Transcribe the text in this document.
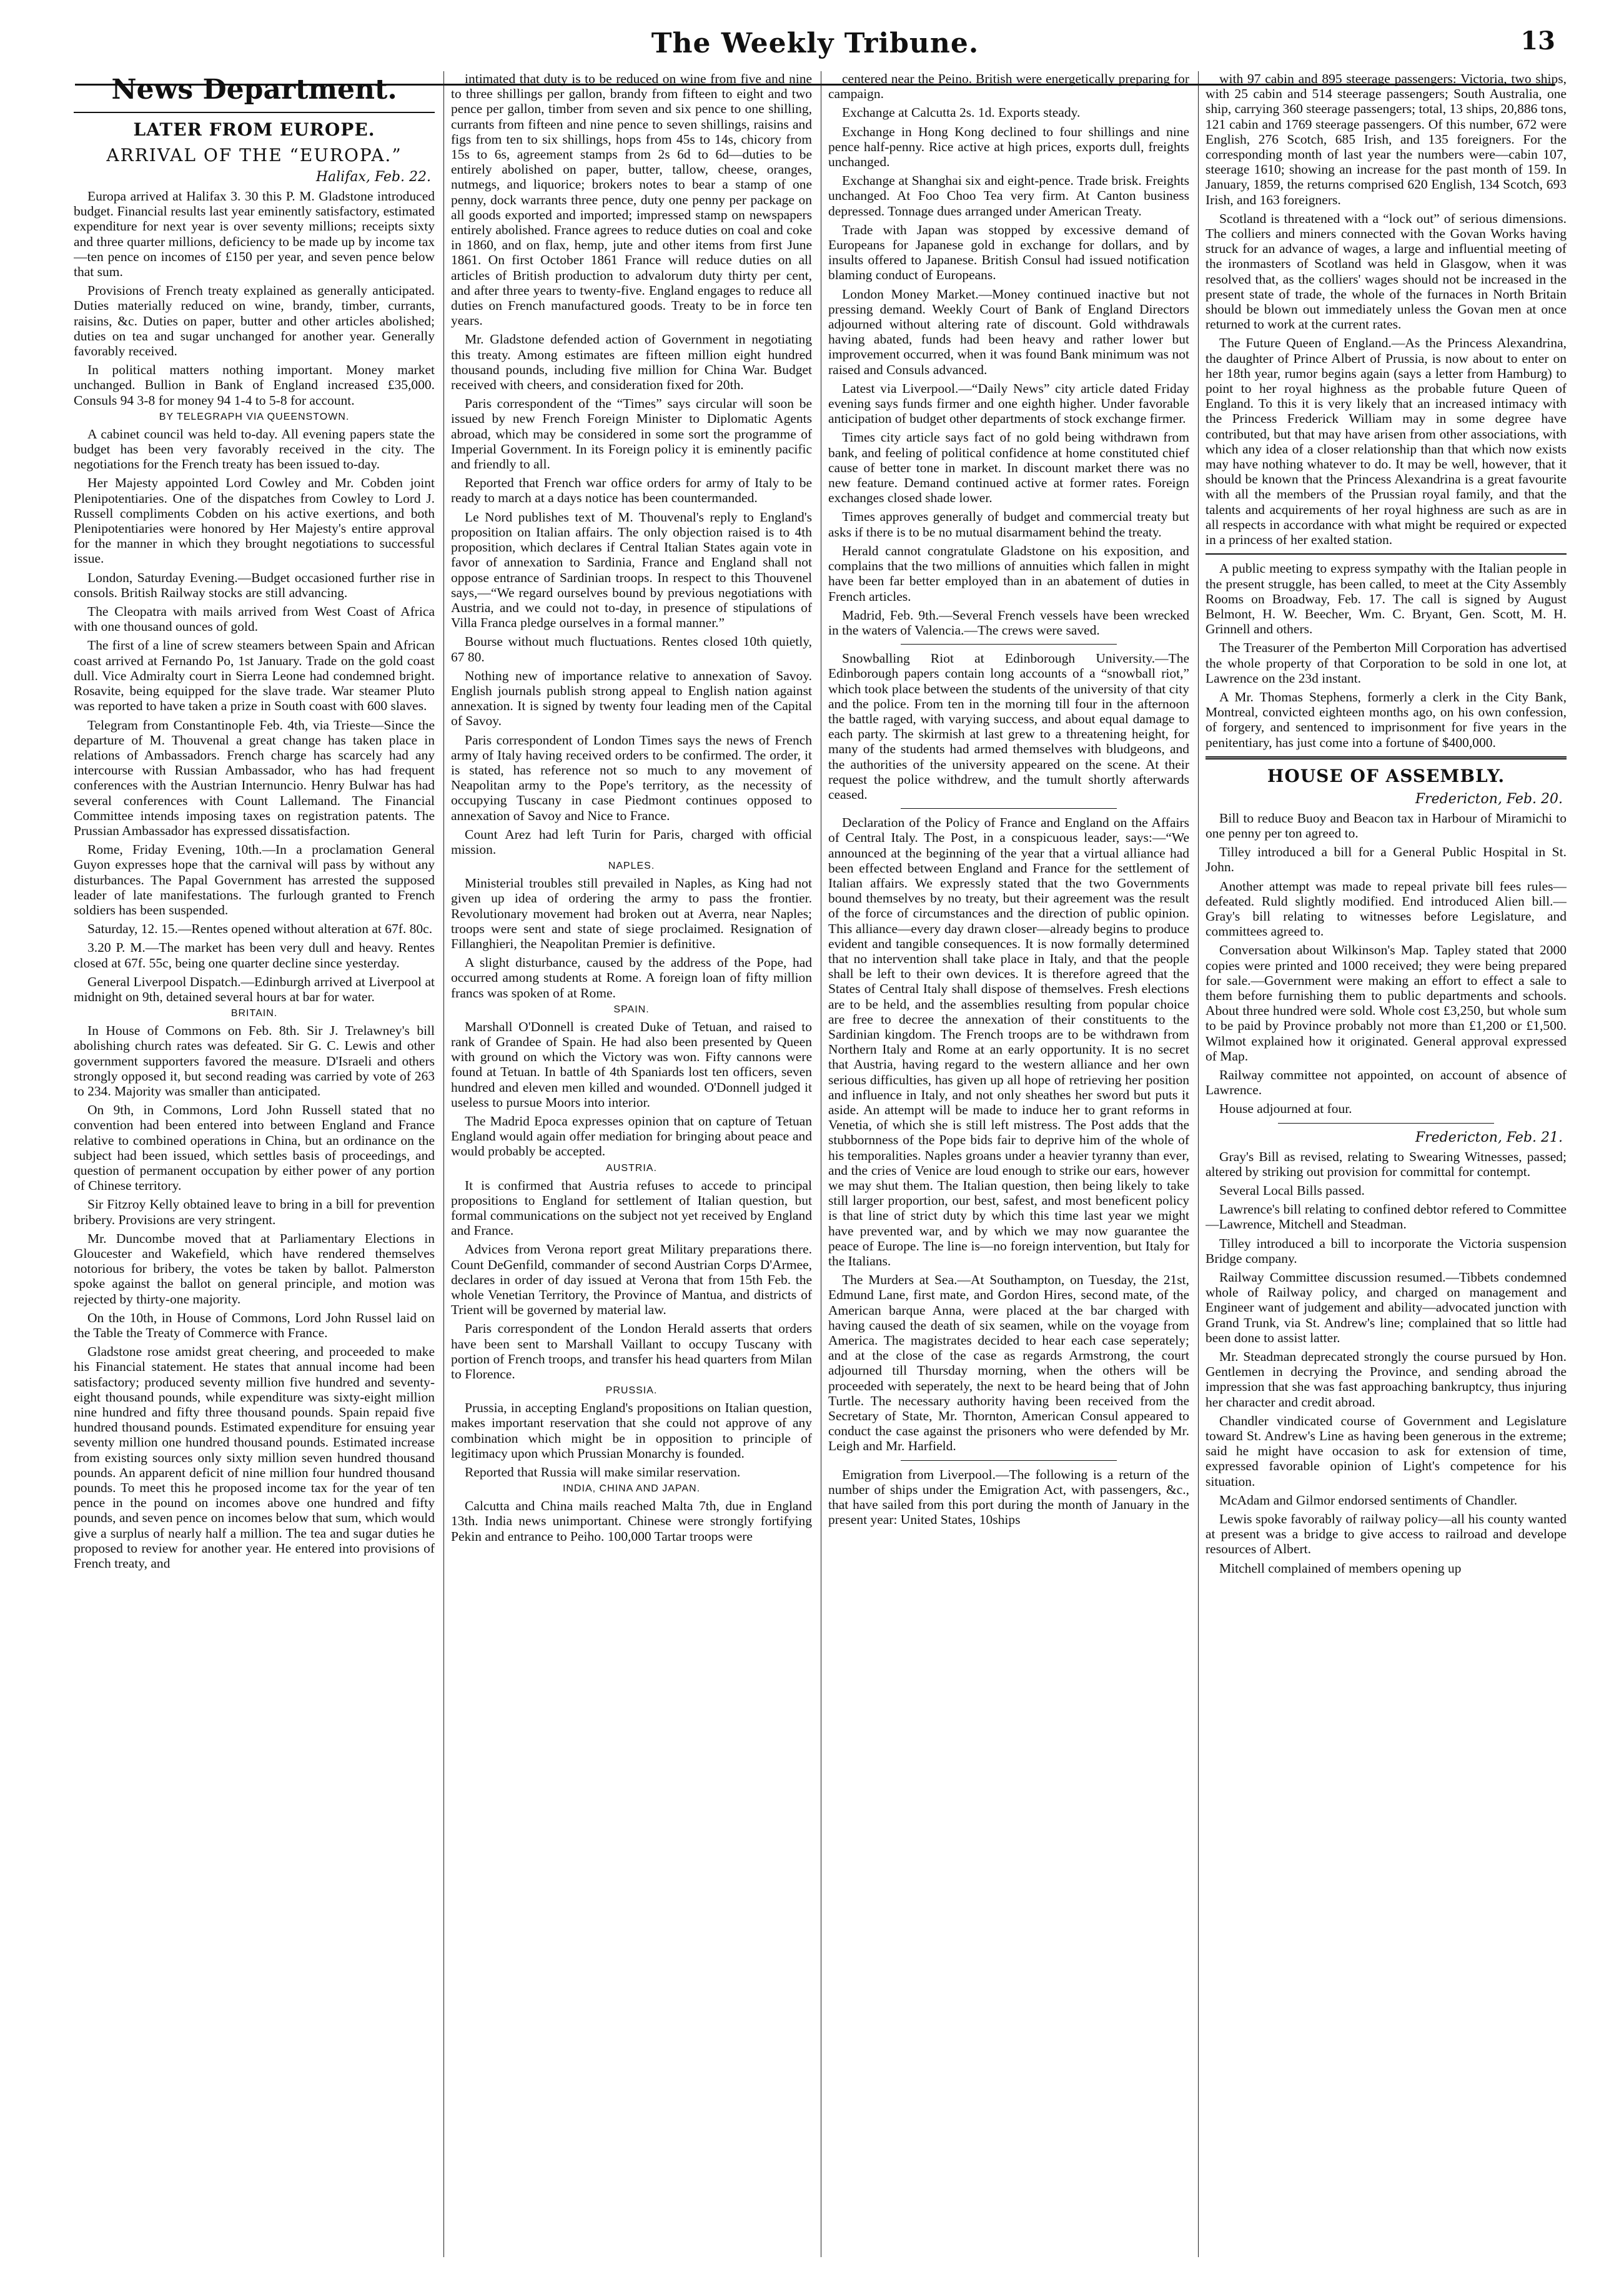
The Weekly Tribune.	13
News Department.
LATER FROM EUROPE.
ARRIVAL OF THE “EUROPA.”
Halifax, Feb. 22.

Europa arrived at Halifax 3. 30 this P. M. Gladstone introduced budget. Financial results last year eminently satisfactory, estimated expenditure for next year is over seventy millions; receipts sixty and three quarter millions, deficiency to be made up by income tax—ten pence on incomes of £150 per year, and seven pence below that sum.

Provisions of French treaty explained as generally anticipated. Duties materially reduced on wine, brandy, timber, currants, raisins, &c. Duties on paper, butter and other articles abolished; duties on tea and sugar unchanged for another year. Generally favorably received.

In political matters nothing important. Money market unchanged. Bullion in Bank of England increased £35,000. Consuls 94 3-8 for money 94 1-4 to 5-8 for account.

BY TELEGRAPH VIA QUEENSTOWN.

A cabinet council was held to-day. All evening papers state the budget has been very favorably received in the city. The negotiations for the French treaty has been issued to-day.

Her Majesty appointed Lord Cowley and Mr. Cobden joint Plenipotentiaries. One of the dispatches from Cowley to Lord J. Russell compliments Cobden on his active exertions, and both Plenipotentiaries were honored by Her Majesty's entire approval for the manner in which they brought negotiations to successful issue.

London, Saturday Evening.—Budget occasioned further rise in consols. British Railway stocks are still advancing.

The Cleopatra with mails arrived from West Coast of Africa with one thousand ounces of gold.

The first of a line of screw steamers between Spain and African coast arrived at Fernando Po, 1st January. Trade on the gold coast dull. Vice Admiralty court in Sierra Leone had condemned bright. Rosavite, being equipped for the slave trade. War steamer Pluto was reported to have taken a prize in South coast with 600 slaves.

Telegram from Constantinople Feb. 4th, via Trieste—Since the departure of M. Thouvenal a great change has taken place in relations of Ambassadors. French charge has scarcely had any intercourse with Russian Ambassador, who has had frequent conferences with the Austrian Internuncio. Henry Bulwar has had several conferences with Count Lallemand. The Financial Committee intends imposing taxes on registration patents. The Prussian Ambassador has expressed dissatisfaction.

Rome, Friday Evening, 10th.—In a proclamation General Guyon expresses hope that the carnival will pass by without any disturbances. The Papal Government has arrested the supposed leader of late manifestations. The furlough granted to French soldiers has been suspended.

Saturday, 12. 15.—Rentes opened without alteration at 67f. 80c.

3.20 P. M.—The market has been very dull and heavy. Rentes closed at 67f. 55c, being one quarter decline since yesterday.

General Liverpool Dispatch.—Edinburgh arrived at Liverpool at midnight on 9th, detained several hours at bar for water.

BRITAIN.

In House of Commons on Feb. 8th. Sir J. Trelawney's bill abolishing church rates was defeated. Sir G. C. Lewis and other government supporters favored the measure. D'Israeli and others strongly opposed it, but second reading was carried by vote of 263 to 234. Majority was smaller than anticipated.

On 9th, in Commons, Lord John Russell stated that no convention had been entered into between England and France relative to combined operations in China, but an ordinance on the subject had been issued, which settles basis of proceedings, and question of permanent occupation by either power of any portion of Chinese territory.

Sir Fitzroy Kelly obtained leave to bring in a bill for prevention bribery. Provisions are very stringent.

Mr. Duncombe moved that at Parliamentary Elections in Gloucester and Wakefield, which have rendered themselves notorious for bribery, the votes be taken by ballot. Palmerston spoke against the ballot on general principle, and motion was rejected by thirty-one majority.

On the 10th, in House of Commons, Lord John Russel laid on the Table the Treaty of Commerce with France.

Gladstone rose amidst great cheering, and proceeded to make his Financial statement. He states that annual income had been satisfactory; produced seventy million five hundred and seventy-eight thousand pounds, while expenditure was sixty-eight million nine hundred and fifty three thousand pounds. Spain repaid five hundred thousand pounds. Estimated expenditure for ensuing year seventy million one hundred thousand pounds. Estimated increase from existing sources only sixty million seven hundred thousand pounds. An apparent deficit of nine million four hundred thousand pounds. To meet this he proposed income tax for the year of ten pence in the pound on incomes above one hundred and fifty pounds, and seven pence on incomes below that sum, which would give a surplus of nearly half a million. The tea and sugar duties he proposed to review for another year. He entered into provisions of French treaty, and

intimated that duty is to be reduced on wine from five and nine to three shillings per gallon, brandy from fifteen to eight and two pence per gallon, timber from seven and six pence to one shilling, currants from fifteen and nine pence to seven shillings, raisins and figs from ten to six shillings, hops from 45s to 14s, chicory from 15s to 6s, agreement stamps from 2s 6d to 6d—duties to be entirely abolished on paper, butter, tallow, cheese, oranges, nutmegs, and liquorice; brokers notes to bear a stamp of one penny, dock warrants three pence, duty one penny per package on all goods exported and imported; impressed stamp on newspapers entirely abolished. France agrees to reduce duties on coal and coke in 1860, and on flax, hemp, jute and other items from first June 1861. On first October 1861 France will reduce duties on all articles of British production to advalorum duty thirty per cent, and after three years to twenty-five. England engages to reduce all duties on French manufactured goods. Treaty to be in force ten years.

Mr. Gladstone defended action of Government in negotiating this treaty. Among estimates are fifteen million eight hundred thousand pounds, including five million for China War. Budget received with cheers, and consideration fixed for 20th.

Paris correspondent of the “Times” says circular will soon be issued by new French Foreign Minister to Diplomatic Agents abroad, which may be considered in some sort the programme of Imperial Government. In its Foreign policy it is eminently pacific and friendly to all.

Reported that French war office orders for army of Italy to be ready to march at a days notice has been countermanded.

Le Nord publishes text of M. Thouvenal's reply to England's proposition on Italian affairs. The only objection raised is to 4th proposition, which declares if Central Italian States again vote in favor of annexation to Sardinia, France and England shall not oppose entrance of Sardinian troops. In respect to this Thouvenel says,—“We regard ourselves bound by previous negotiations with Austria, and we could not to-day, in presence of stipulations of Villa Franca pledge ourselves in a formal manner.”

Bourse without much fluctuations. Rentes closed 10th quietly, 67 80.

Nothing new of importance relative to annexation of Savoy. English journals publish strong appeal to English nation against annexation. It is signed by twenty four leading men of the Capital of Savoy.

Paris correspondent of London Times says the news of French army of Italy having received orders to be confirmed. The order, it is stated, has reference not so much to any movement of Neapolitan army to the Pope's territory, as the necessity of occupying Tuscany in case Piedmont continues opposed to annexation of Savoy and Nice to France.

Count Arez had left Turin for Paris, charged with official mission.

NAPLES.

Ministerial troubles still prevailed in Naples, as King had not given up idea of ordering the army to pass the frontier. Revolutionary movement had broken out at Averra, near Naples; troops were sent and state of siege proclaimed. Resignation of Fillanghieri, the Neapolitan Premier is definitive.

A slight disturbance, caused by the address of the Pope, had occurred among students at Rome. A foreign loan of fifty million francs was spoken of at Rome.

SPAIN.

Marshall O'Donnell is created Duke of Tetuan, and raised to rank of Grandee of Spain. He had also been presented by Queen with ground on which the Victory was won. Fifty cannons were found at Tetuan. In battle of 4th Spaniards lost ten officers, seven hundred and eleven men killed and wounded. O'Donnell judged it useless to pursue Moors into interior.

The Madrid Epoca expresses opinion that on capture of Tetuan England would again offer mediation for bringing about peace and would probably be accepted.

AUSTRIA.

It is confirmed that Austria refuses to accede to principal propositions to England for settlement of Italian question, but formal communications on the subject not yet received by England and France.

Advices from Verona report great Military preparations there. Count DeGenfild, commander of second Austrian Corps D'Armee, declares in order of day issued at Verona that from 15th Feb. the whole Venetian Territory, the Province of Mantua, and districts of Trient will be governed by material law.

Paris correspondent of the London Herald asserts that orders have been sent to Marshall Vaillant to occupy Tuscany with portion of French troops, and transfer his head quarters from Milan to Florence.

PRUSSIA.

Prussia, in accepting England's propositions on Italian question, makes important reservation that she could not approve of any combination which might be in opposition to principle of legitimacy upon which Prussian Monarchy is founded.

Reported that Russia will make similar reservation.

INDIA, CHINA AND JAPAN.

Calcutta and China mails reached Malta 7th, due in England 13th. India news unimportant. Chinese were strongly fortifying Pekin and entrance to Peiho. 100,000 Tartar troops were

centered near the Peino. British were energetically preparing for campaign.

Exchange at Calcutta 2s. 1d. Exports steady.

Exchange in Hong Kong declined to four shillings and nine pence half-penny. Rice active at high prices, exports dull, freights unchanged.

Exchange at Shanghai six and eight-pence. Trade brisk. Freights unchanged. At Foo Choo Tea very firm. At Canton business depressed. Tonnage dues arranged under American Treaty.

Trade with Japan was stopped by excessive demand of Europeans for Japanese gold in exchange for dollars, and by insults offered to Japanese. British Consul had issued notification blaming conduct of Europeans.

London Money Market.—Money continued inactive but not pressing demand. Weekly Court of Bank of England Directors adjourned without altering rate of discount. Gold withdrawals having abated, funds had been heavy and rather lower but improvement occurred, when it was found Bank minimum was not raised and Consuls advanced.

Latest via Liverpool.—“Daily News” city article dated Friday evening says funds firmer and one eighth higher. Under favorable anticipation of budget other departments of stock exchange firmer.

Times city article says fact of no gold being withdrawn from bank, and feeling of political confidence at home constituted chief cause of better tone in market. In discount market there was no new feature. Demand continued active at former rates. Foreign exchanges closed shade lower.

Times approves generally of budget and commercial treaty but asks if there is to be no mutual disarmament behind the treaty.

Herald cannot congratulate Gladstone on his exposition, and complains that the two millions of annuities which fallen in might have been far better employed than in an abatement of duties in French articles.

Madrid, Feb. 9th.—Several French vessels have been wrecked in the waters of Valencia.—The crews were saved.

Snowballing Riot at Edinborough University.—The Edinborough papers contain long accounts of a “snowball riot,” which took place between the students of the university of that city and the police. From ten in the morning till four in the afternoon the battle raged, with varying success, and about equal damage to each party. The skirmish at last grew to a threatening height, for many of the students had armed themselves with bludgeons, and the authorities of the university appeared on the scene. At their request the police withdrew, and the tumult shortly afterwards ceased.

Declaration of the Policy of France and England on the Affairs of Central Italy. The Post, in a conspicuous leader, says:—“We announced at the beginning of the year that a virtual alliance had been effected between England and France for the settlement of Italian affairs. We expressly stated that the two Governments bound themselves by no treaty, but their agreement was the result of the force of circumstances and the direction of public opinion. This alliance—every day drawn closer—already begins to produce evident and tangible consequences. It is now formally determined that no intervention shall take place in Italy, and that the people shall be left to their own devices. It is therefore agreed that the States of Central Italy shall dispose of themselves. Fresh elections are to be held, and the assemblies resulting from popular choice are free to decree the annexation of their constituents to the Sardinian kingdom. The French troops are to be withdrawn from Northern Italy and Rome at an early opportunity. It is no secret that Austria, having regard to the western alliance and her own serious difficulties, has given up all hope of retrieving her position and influence in Italy, and not only sheathes her sword but puts it aside. An attempt will be made to induce her to grant reforms in Venetia, of which she is still left mistress. The Post adds that the stubbornness of the Pope bids fair to deprive him of the whole of his temporalities. Naples groans under a heavier tyranny than ever, and the cries of Venice are loud enough to strike our ears, however we may shut them. The Italian question, then being likely to take still larger proportion, our best, safest, and most beneficent policy is that line of strict duty by which this time last year we might have prevented war, and by which we may now guarantee the peace of Europe. The line is—no foreign intervention, but Italy for the Italians.

The Murders at Sea.—At Southampton, on Tuesday, the 21st, Edmund Lane, first mate, and Gordon Hires, second mate, of the American barque Anna, were placed at the bar charged with having caused the death of six seamen, while on the voyage from America. The magistrates decided to hear each case seperately; and at the close of the case as regards Armstrong, the court adjourned till Thursday morning, when the others will be proceeded with seperately, the next to be heard being that of John Turtle. The necessary authority having been received from the Secretary of State, Mr. Thornton, American Consul appeared to conduct the case against the prisoners who were defended by Mr. Leigh and Mr. Harfield.

Emigration from Liverpool.—The following is a return of the number of ships under the Emigration Act, with passengers, &c., that have sailed from this port during the month of January in the present year: United States, 10ships

with 97 cabin and 895 steerage passengers: Victoria, two ships, with 25 cabin and 514 steerage passengers; South Australia, one ship, carrying 360 steerage passengers; total, 13 ships, 20,886 tons, 121 cabin and 1769 steerage passengers. Of this number, 672 were English, 276 Scotch, 685 Irish, and 135 foreigners. For the corresponding month of last year the numbers were—cabin 107, steerage 1610; showing an increase for the past month of 159. In January, 1859, the returns comprised 620 English, 134 Scotch, 693 Irish, and 163 foreigners.

Scotland is threatened with a “lock out” of serious dimensions. The colliers and miners connected with the Govan Works having struck for an advance of wages, a large and influential meeting of the ironmasters of Scotland was held in Glasgow, when it was resolved that, as the colliers' wages should not be increased in the present state of trade, the whole of the furnaces in North Britain should be blown out immediately unless the Govan men at once returned to work at the current rates.

The Future Queen of England.—As the Princess Alexandrina, the daughter of Prince Albert of Prussia, is now about to enter on her 18th year, rumor begins again (says a letter from Hamburg) to point to her royal highness as the probable future Queen of England. To this it is very likely that an increased intimacy with the Princess Frederick William may in some degree have contributed, but that may have arisen from other associations, with which any idea of a closer relationship than that which now exists may have nothing whatever to do. It may be well, however, that it should be known that the Princess Alexandrina is a great favourite with all the members of the Prussian royal family, and that the talents and acquirements of her royal highness are such as are in all respects in accordance with what might be required or expected in a princess of her exalted station.

A public meeting to express sympathy with the Italian people in the present struggle, has been called, to meet at the City Assembly Rooms on Broadway, Feb. 17. The call is signed by August Belmont, H. W. Beecher, Wm. C. Bryant, Gen. Scott, M. H. Grinnell and others.

The Treasurer of the Pemberton Mill Corporation has advertised the whole property of that Corporation to be sold in one lot, at Lawrence on the 23d instant.

A Mr. Thomas Stephens, formerly a clerk in the City Bank, Montreal, convicted eighteen months ago, on his own confession, of forgery, and sentenced to imprisonment for five years in the penitentiary, has just come into a fortune of $400,000.

HOUSE OF ASSEMBLY.
Fredericton, Feb. 20.

Bill to reduce Buoy and Beacon tax in Harbour of Miramichi to one penny per ton agreed to.

Tilley introduced a bill for a General Public Hospital in St. John.

Another attempt was made to repeal private bill fees rules—defeated. Ruld slightly modified. End introduced Alien bill.—Gray's bill relating to witnesses before Legislature, and committees agreed to.

Conversation about Wilkinson's Map. Tapley stated that 2000 copies were printed and 1000 received; they were being prepared for sale.—Government were making an effort to effect a sale to them before furnishing them to public departments and schools. About three hundred were sold. Whole cost £3,250, but whole sum to be paid by Province probably not more than £1,200 or £1,500. Wilmot explained how it originated. General approval expressed of Map.

Railway committee not appointed, on account of absence of Lawrence.

House adjourned at four.

Fredericton, Feb. 21.

Gray's Bill as revised, relating to Swearing Witnesses, passed; altered by striking out provision for committal for contempt.

Several Local Bills passed.

Lawrence's bill relating to confined debtor refered to Committee—Lawrence, Mitchell and Steadman.

Tilley introduced a bill to incorporate the Victoria suspension Bridge company.

Railway Committee discussion resumed.—Tibbets condemned whole of Railway policy, and charged on management and Engineer want of judgement and ability—advocated junction with Grand Trunk, via St. Andrew's line; complained that so little had been done to assist latter.

Mr. Steadman deprecated strongly the course pursued by Hon. Gentlemen in decrying the Province, and sending abroad the impression that she was fast approaching bankruptcy, thus injuring her character and credit abroad.

Chandler vindicated course of Government and Legislature toward St. Andrew's Line as having been generous in the extreme; said he might have occasion to ask for extension of time, expressed favorable opinion of Light's competence for his situation.

McAdam and Gilmor endorsed sentiments of Chandler.

Lewis spoke favorably of railway policy—all his county wanted at present was a bridge to give access to railroad and develope resources of Albert.

Mitchell complained of members opening up
